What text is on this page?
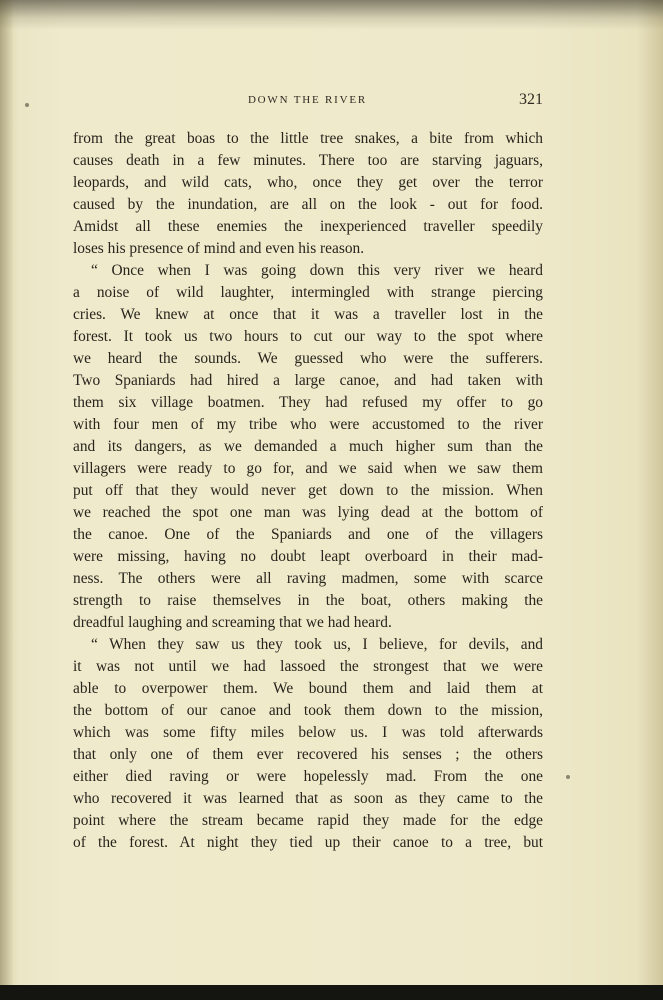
DOWN THE RIVER	321
from the great boas to the little tree snakes, a bite from which
causes death in a few minutes. There too are starving jaguars,
leopards, and wild cats, who, once they get over the terror
caused by the inundation, are all on the look - out for food.
Amidst all these enemies the inexperienced traveller speedily
loses his presence of mind and even his reason.
“ Once when I was going down this very river we heard
a noise of wild laughter, intermingled with strange piercing
cries. We knew at once that it was a traveller lost in the
forest. It took us two hours to cut our way to the spot where
we heard the sounds. We guessed who were the sufferers.
Two Spaniards had hired a large canoe, and had taken with
them six village boatmen. They had refused my offer to go
with four men of my tribe who were accustomed to the river
and its dangers, as we demanded a much higher sum than the
villagers were ready to go for, and we said when we saw them
put off that they would never get down to the mission. When
we reached the spot one man was lying dead at the bottom of
the canoe. One of the Spaniards and one of the villagers
were missing, having no doubt leapt overboard in their mad-
ness. The others were all raving madmen, some with scarce
strength to raise themselves in the boat, others making the
dreadful laughing and screaming that we had heard.
“ When they saw us they took us, I believe, for devils, and
it was not until we had lassoed the strongest that we were
able to overpower them. We bound them and laid them at
the bottom of our canoe and took them down to the mission,
which was some fifty miles below us. I was told afterwards
that only one of them ever recovered his senses ; the others
either died raving or were hopelessly mad. From the one
who recovered it was learned that as soon as they came to the
point where the stream became rapid they made for the edge
of the forest. At night they tied up their canoe to a tree, but
